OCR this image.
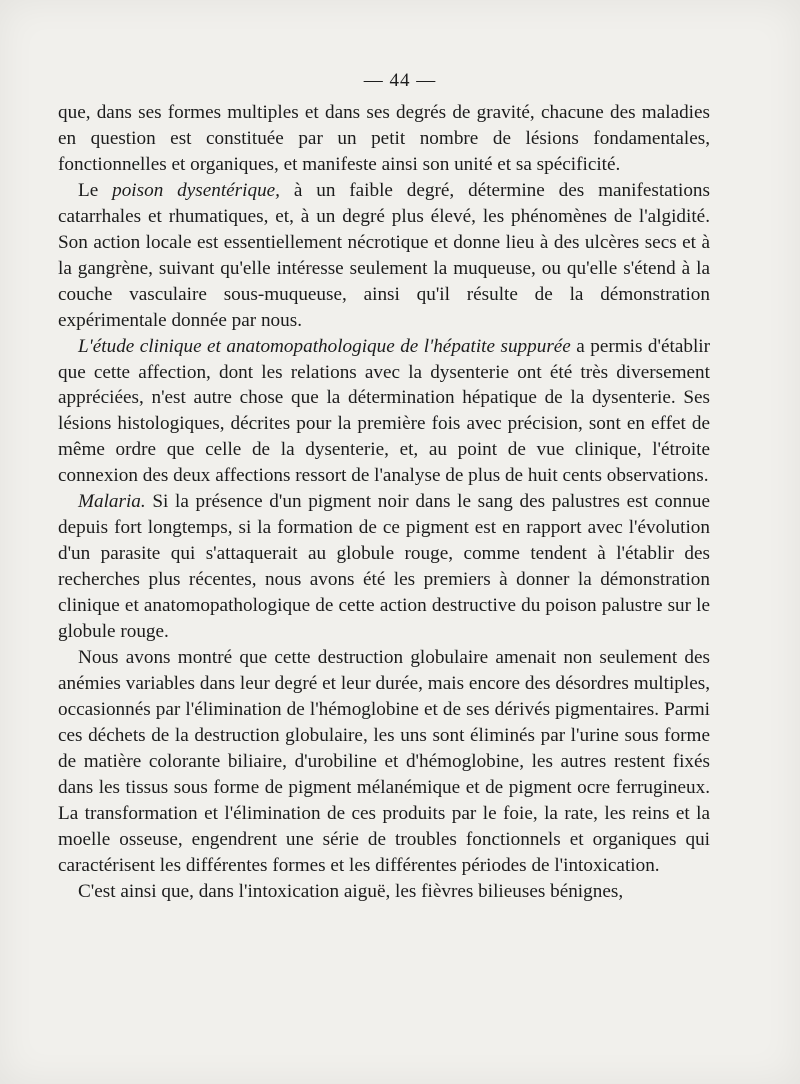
— 44 —

que, dans ses formes multiples et dans ses degrés de gravité, chacune des maladies en question est constituée par un petit nombre de lésions fondamentales, fonctionnelles et organiques, et manifeste ainsi son unité et sa spécificité.

Le poison dysentérique, à un faible degré, détermine des manifestations catarrhales et rhumatiques, et, à un degré plus élevé, les phénomènes de l'algidité. Son action locale est essentiellement nécrotique et donne lieu à des ulcères secs et à la gangrène, suivant qu'elle intéresse seulement la muqueuse, ou qu'elle s'étend à la couche vasculaire sous-muqueuse, ainsi qu'il résulte de la démonstration expérimentale donnée par nous.

L'étude clinique et anatomopathologique de l'hépatite suppurée a permis d'établir que cette affection, dont les relations avec la dysenterie ont été très diversement appréciées, n'est autre chose que la détermination hépatique de la dysenterie. Ses lésions histologiques, décrites pour la première fois avec précision, sont en effet de même ordre que celle de la dysenterie, et, au point de vue clinique, l'étroite connexion des deux affections ressort de l'analyse de plus de huit cents observations.

Malaria. Si la présence d'un pigment noir dans le sang des palustres est connue depuis fort longtemps, si la formation de ce pigment est en rapport avec l'évolution d'un parasite qui s'attaquerait au globule rouge, comme tendent à l'établir des recherches plus récentes, nous avons été les premiers à donner la démonstration clinique et anatomopathologique de cette action destructive du poison palustre sur le globule rouge.

Nous avons montré que cette destruction globulaire amenait non seulement des anémies variables dans leur degré et leur durée, mais encore des désordres multiples, occasionnés par l'élimination de l'hémoglobine et de ses dérivés pigmentaires. Parmi ces déchets de la destruction globulaire, les uns sont éliminés par l'urine sous forme de matière colorante biliaire, d'urobiline et d'hémoglobine, les autres restent fixés dans les tissus sous forme de pigment mélanémique et de pigment ocre ferrugineux. La transformation et l'élimination de ces produits par le foie, la rate, les reins et la moelle osseuse, engendrent une série de troubles fonctionnels et organiques qui caractérisent les différentes formes et les différentes périodes de l'intoxication.

C'est ainsi que, dans l'intoxication aiguë, les fièvres bilieuses bénignes,
